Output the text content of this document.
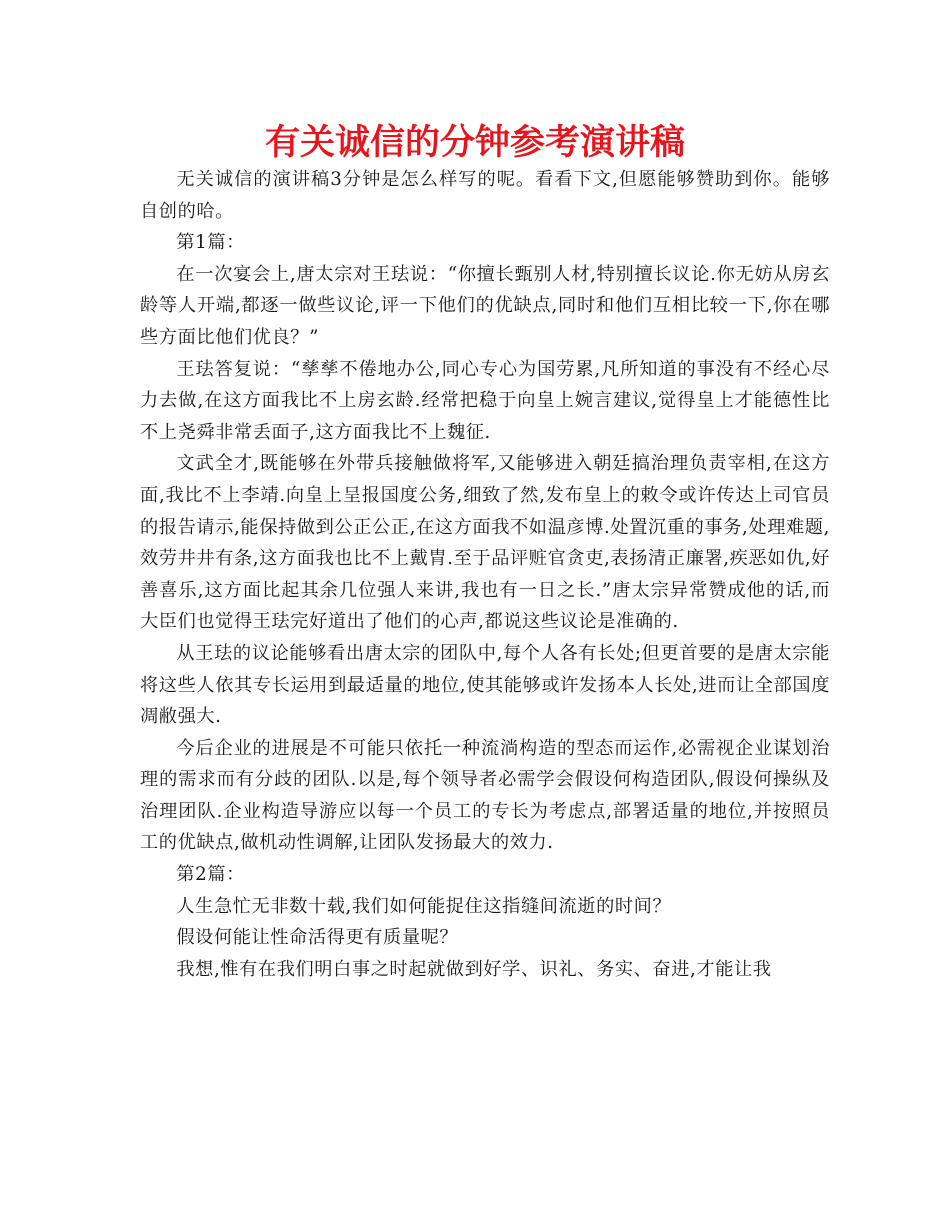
有关诚信的分钟参考演讲稿

无关诚信的演讲稿3分钟是怎么样写的呢。看看下文,但愿能够赞助到你。能够自创的哈。

第1篇：

在一次宴会上,唐太宗对王珐说：“你擅长甄别人材,特别擅长议论.你无妨从房玄龄等人开端,都逐一做些议论,评一下他们的优缺点,同时和他们互相比较一下,你在哪些方面比他们优良？”

王珐答复说：“孳孳不倦地办公,同心专心为国劳累,凡所知道的事没有不经心尽力去做,在这方面我比不上房玄龄.经常把稳于向皇上婉言建议,觉得皇上才能德性比不上尧舜非常丢面子,这方面我比不上魏征.

文武全才,既能够在外带兵接触做将军,又能够进入朝廷搞治理负责宰相,在这方面,我比不上李靖.向皇上呈报国度公务,细致了然,发布皇上的敕令或许传达上司官员的报告请示,能保持做到公正公正,在这方面我不如温彦博.处置沉重的事务,处理难题,效劳井井有条,这方面我也比不上戴胄.至于品评赃官贪吏,表扬清正廉署,疾恶如仇,好善喜乐,这方面比起其余几位强人来讲,我也有一日之长.”唐太宗异常赞成他的话,而大臣们也觉得王珐完好道出了他们的心声,都说这些议论是准确的.

从王珐的议论能够看出唐太宗的团队中,每个人各有长处;但更首要的是唐太宗能将这些人依其专长运用到最适量的地位,使其能够或许发扬本人长处,进而让全部国度凋敝强大.

今后企业的进展是不可能只依托一种流淌构造的型态而运作,必需视企业谋划治理的需求而有分歧的团队.以是,每个领导者必需学会假设何构造团队,假设何操纵及治理团队.企业构造导游应以每一个员工的专长为考虑点,部署适量的地位,并按照员工的优缺点,做机动性调解,让团队发扬最大的效力.

第2篇：

人生急忙无非数十载,我们如何能捉住这指缝间流逝的时间？

假设何能让性命活得更有质量呢？

我想,惟有在我们明白事之时起就做到好学、识礼、务实、奋进,才能让我
